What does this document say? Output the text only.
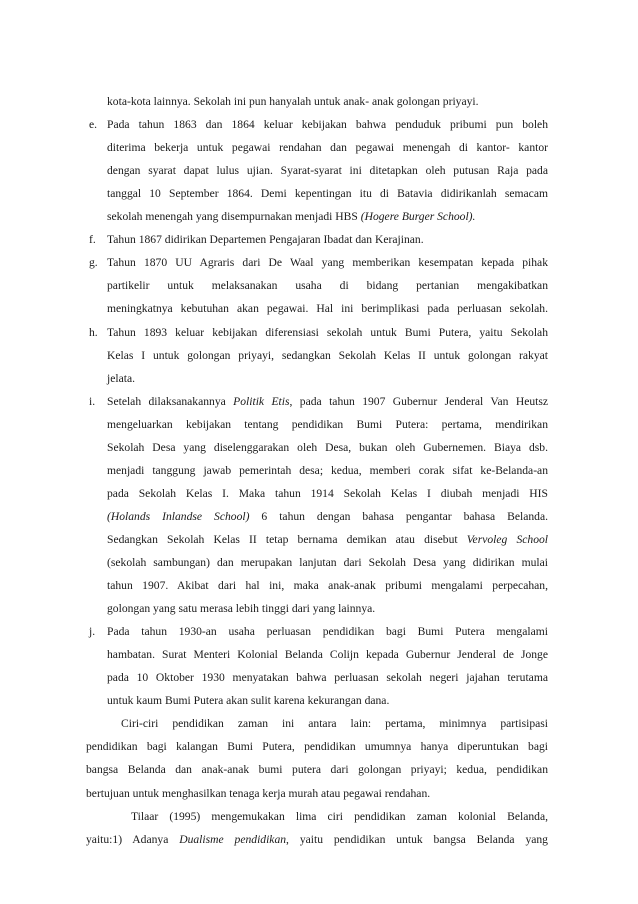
kota-kota lainnya. Sekolah ini pun hanyalah untuk anak- anak golongan priyayi.
e. Pada tahun 1863 dan 1864 keluar kebijakan bahwa penduduk pribumi pun boleh
diterima bekerja untuk pegawai rendahan dan pegawai menengah di kantor- kantor
dengan syarat dapat lulus ujian. Syarat-syarat ini ditetapkan oleh putusan Raja pada
tanggal 10 September 1864. Demi kepentingan itu di Batavia didirikanlah semacam
sekolah menengah yang disempurnakan menjadi HBS (Hogere Burger School).
f. Tahun 1867 didirikan Departemen Pengajaran Ibadat dan Kerajinan.
g. Tahun 1870 UU Agraris dari De Waal yang memberikan kesempatan kepada pihak
partikelir untuk melaksanakan usaha di bidang pertanian mengakibatkan
meningkatnya kebutuhan akan pegawai. Hal ini berimplikasi pada perluasan sekolah.
h. Tahun 1893 keluar kebijakan diferensiasi sekolah untuk Bumi Putera, yaitu Sekolah
Kelas I untuk golongan priyayi, sedangkan Sekolah Kelas II untuk golongan rakyat
jelata.
i. Setelah dilaksanakannya Politik Etis, pada tahun 1907 Gubernur Jenderal Van Heutsz
mengeluarkan kebijakan tentang pendidikan Bumi Putera: pertama, mendirikan
Sekolah Desa yang diselenggarakan oleh Desa, bukan oleh Gubernemen. Biaya dsb.
menjadi tanggung jawab pemerintah desa; kedua, memberi corak sifat ke-Belanda-an
pada Sekolah Kelas I. Maka tahun 1914 Sekolah Kelas I diubah menjadi HIS
(Holands Inlandse School) 6 tahun dengan bahasa pengantar bahasa Belanda.
Sedangkan Sekolah Kelas II tetap bernama demikan atau disebut Vervoleg School
(sekolah sambungan) dan merupakan lanjutan dari Sekolah Desa yang didirikan mulai
tahun 1907. Akibat dari hal ini, maka anak-anak pribumi mengalami perpecahan,
golongan yang satu merasa lebih tinggi dari yang lainnya.
j. Pada tahun 1930-an usaha perluasan pendidikan bagi Bumi Putera mengalami
hambatan. Surat Menteri Kolonial Belanda Colijn kepada Gubernur Jenderal de Jonge
pada 10 Oktober 1930 menyatakan bahwa perluasan sekolah negeri jajahan terutama
untuk kaum Bumi Putera akan sulit karena kekurangan dana.
Ciri-ciri pendidikan zaman ini antara lain: pertama, minimnya partisipasi
pendidikan bagi kalangan Bumi Putera, pendidikan umumnya hanya diperuntukan bagi
bangsa Belanda dan anak-anak bumi putera dari golongan priyayi; kedua, pendidikan
bertujuan untuk menghasilkan tenaga kerja murah atau pegawai rendahan.
Tilaar (1995) mengemukakan lima ciri pendidikan zaman kolonial Belanda,
yaitu:1) Adanya Dualisme pendidikan, yaitu pendidikan untuk bangsa Belanda yang
